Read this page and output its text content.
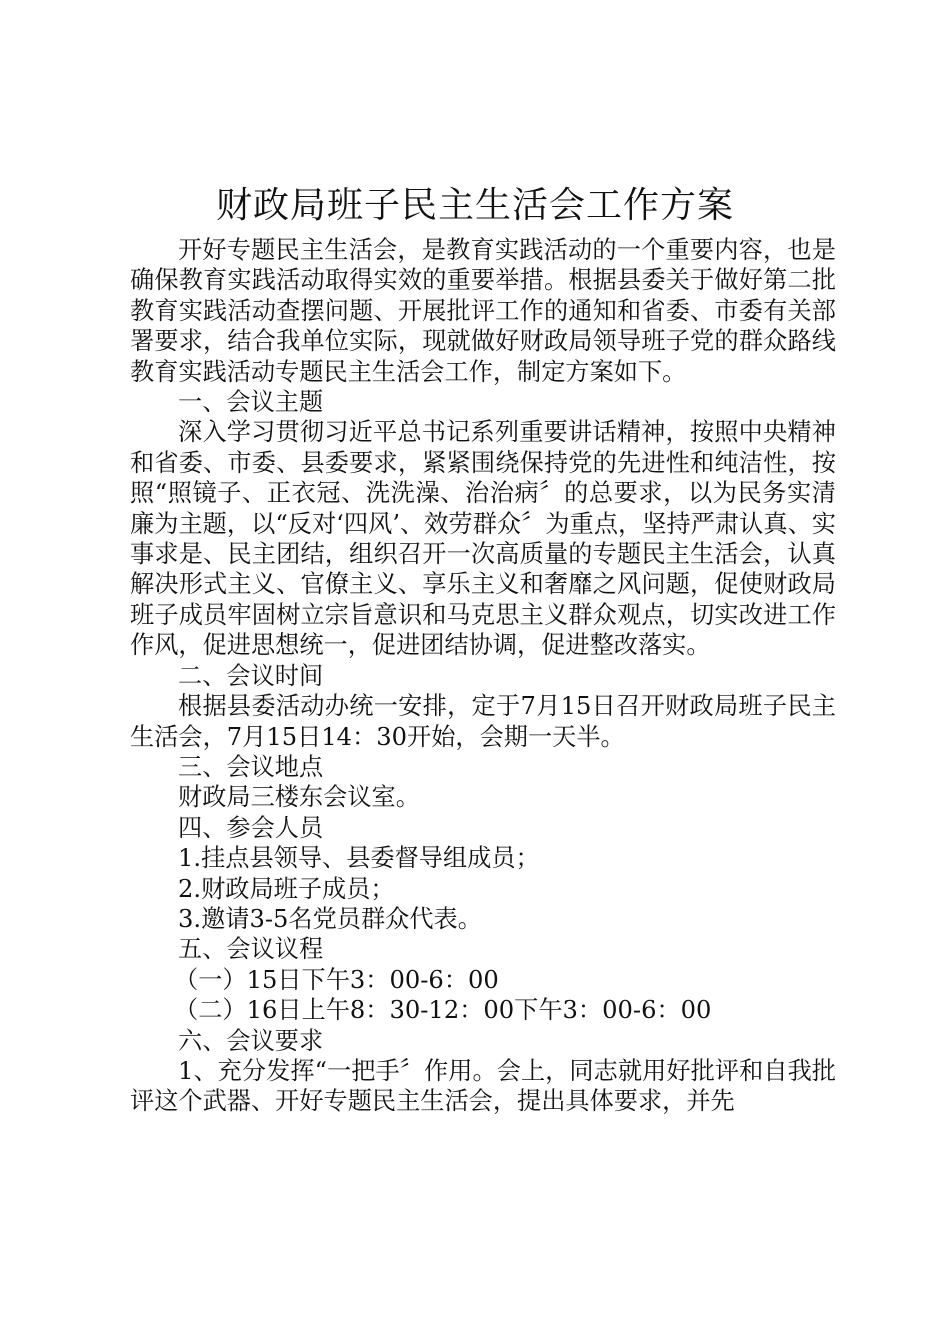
财政局班子民主生活会工作方案

开好专题民主生活会，是教育实践活动的一个重要内容，也是确保教育实践活动取得实效的重要举措。根据县委关于做好第二批教育实践活动查摆问题、开展批评工作的通知和省委、市委有关部署要求，结合我单位实际，现就做好财政局领导班子党的群众路线教育实践活动专题民主生活会工作，制定方案如下。

一、会议主题

深入学习贯彻习近平总书记系列重要讲话精神，按照中央精神和省委、市委、县委要求，紧紧围绕保持党的先进性和纯洁性，按照“照镜子、正衣冠、洗洗澡、治治病〞的总要求，以为民务实清廉为主题，以“反对‘四风’、效劳群众〞为重点，坚持严肃认真、实事求是、民主团结，组织召开一次高质量的专题民主生活会，认真解决形式主义、官僚主义、享乐主义和奢靡之风问题，促使财政局班子成员牢固树立宗旨意识和马克思主义群众观点，切实改进工作作风，促进思想统一，促进团结协调，促进整改落实。

二、会议时间

根据县委活动办统一安排，定于7月15日召开财政局班子民主生活会，7月15日14：30开始，会期一天半。

三、会议地点

财政局三楼东会议室。

四、参会人员

1.挂点县领导、县委督导组成员；

2.财政局班子成员；

3.邀请3-5名党员群众代表。

五、会议议程

（一）15日下午3：00-6：00

（二）16日上午8：30-12：00下午3：00-6：00

六、会议要求

1、充分发挥“一把手〞作用。会上，同志就用好批评和自我批评这个武器、开好专题民主生活会，提出具体要求，并先
